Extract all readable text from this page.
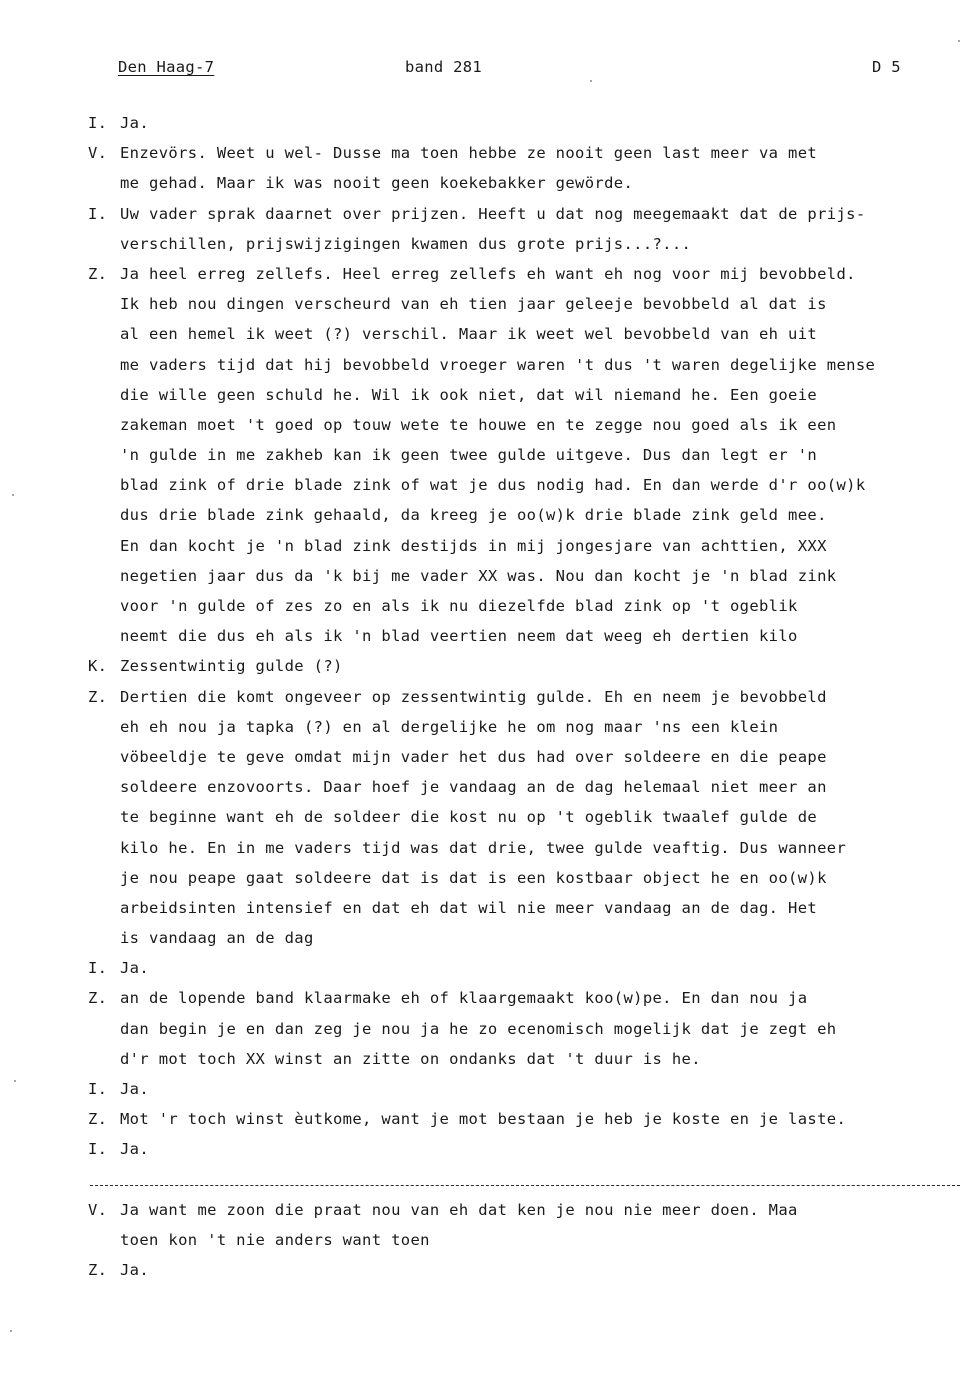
Den Haag-7	band 281	D 5
I. Ja.
V. Enzevörs. Weet u wel- Dusse ma toen hebbe ze nooit geen last meer va met
me gehad. Maar ik was nooit geen koekebakker gewörde.
I. Uw vader sprak daarnet over prijzen. Heeft u dat nog meegemaakt dat de prijs-
verschillen, prijswijzigingen kwamen dus grote prijs...?...
Z. Ja heel erreg zellefs. Heel erreg zellefs eh want eh nog voor mij bevobbeld.
Ik heb nou dingen verscheurd van eh tien jaar geleeje bevobbeld al dat is
al een hemel ik weet (?) verschil. Maar ik weet wel bevobbeld van eh uit
me vaders tijd dat hij bevobbeld vroeger waren 't dus 't waren degelijke mense
die wille geen schuld he. Wil ik ook niet, dat wil niemand he. Een goeie
zakeman moet 't goed op touw wete te houwe en te zegge nou goed als ik een
'n gulde in me zakheb kan ik geen twee gulde uitgeve. Dus dan legt er 'n
blad zink of drie blade zink of wat je dus nodig had. En dan werde d'r oo(w)k
dus drie blade zink gehaald, da kreeg je oo(w)k drie blade zink geld mee.
En dan kocht je 'n blad zink destijds in mij jongesjare van achttien, XXX
negetien jaar dus da 'k bij me vader XX was. Nou dan kocht je 'n blad zink
voor 'n gulde of zes zo en als ik nu diezelfde blad zink op 't ogeblik
neemt die dus eh als ik 'n blad veertien neem dat weeg eh dertien kilo
K. Zessentwintig gulde (?)
Z. Dertien die komt ongeveer op zessentwintig gulde. Eh en neem je bevobbeld
eh eh nou ja tapka (?) en al dergelijke he om nog maar 'ns een klein
vöbeeldje te geve omdat mijn vader het dus had over soldeere en die peape
soldeere enzovoorts. Daar hoef je vandaag an de dag helemaal niet meer an
te beginne want eh de soldeer die kost nu op 't ogeblik twaalef gulde de
kilo he. En in me vaders tijd was dat drie, twee gulde veaftig. Dus wanneer
je nou peape gaat soldeere dat is dat is een kostbaar object he en oo(w)k
arbeidsinten intensief en dat eh dat wil nie meer vandaag an de dag. Het
is vandaag an de dag
I. Ja.
Z. an de lopende band klaarmake eh of klaargemaakt koo(w)pe. En dan nou ja
dan begin je en dan zeg je nou ja he zo ecenomisch mogelijk dat je zegt eh
d'r mot toch XX winst an zitte on ondanks dat 't duur is he.
I. Ja.
Z. Mot 'r toch winst èutkome, want je mot bestaan je heb je koste en je laste.
I. Ja.
V. Ja want me zoon die praat nou van eh dat ken je nou nie meer doen. Maa
toen kon 't nie anders want toen
Z. Ja.
